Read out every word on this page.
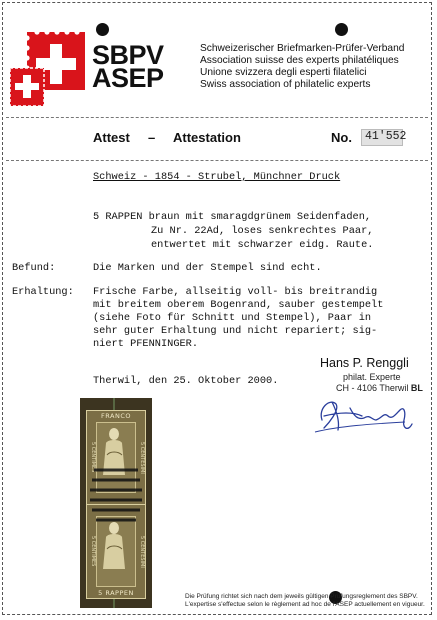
SBPV
ASEP
Schweizerischer Briefmarken-Prüfer-Verband
Association suisse des experts philatéliques
Unione svizzera degli esperti filatelici
Swiss association of philatelic experts
Attest – Attestation	No. 41'552
Schweiz - 1854 - Strubel, Münchner Druck
5 RAPPEN braun mit smaragdgrünem Seidenfaden,
Zu Nr. 22Ad, loses senkrechtes Paar,
entwertet mit schwarzer eidg. Raute.
Befund:	Die Marken und der Stempel sind echt.
Erhaltung: Frische Farbe, allseitig voll- bis breitrandig
mit breitem oberem Bogenrand, sauber gestempelt
(siehe Foto für Schnitt und Stempel), Paar in
sehr guter Erhaltung und nicht repariert; sig-
niert PFENNINGER.
Hans P. Renggli
philat. Experte
CH - 4106 Therwil BL
Therwil, den 25. Oktober 2000.
FRANCO
5 CENTIMES	5 CENTESIMI
5 CENTIMES	5 CENTESIMI
5 RAPPEN	Die Prüfung richtet sich nach dem jeweils gültigen Prüfungsreglement des SBPV.
L'expertise s'effectue selon le règlement ad hoc de l'ASEP actuellement en vigueur.
